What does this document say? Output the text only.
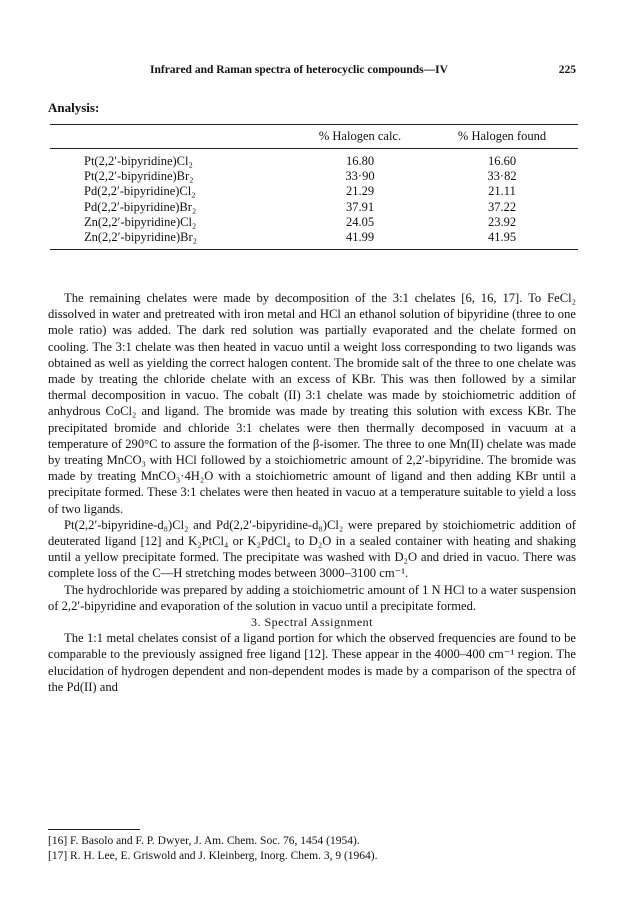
Infrared and Raman spectra of heterocyclic compounds—IV	225
Analysis:
	% Halogen calc.	% Halogen found
Pt(2,2′-bipyridine)Cl₂	16.80	16.60
Pt(2,2′-bipyridine)Br₂	33·90	33·82
Pd(2,2′-bipyridine)Cl₂	21.29	21.11
Pd(2,2′-bipyridine)Br₂	37.91	37.22
Zn(2,2′-bipyridine)Cl₂	24.05	23.92
Zn(2,2′-bipyridine)Br₂	41.99	41.95

The remaining chelates were made by decomposition of the 3:1 chelates [6, 16, 17]. To FeCl₂ dissolved in water and pretreated with iron metal and HCl an ethanol solution of bipyridine (three to one mole ratio) was added. The dark red solution was partially evaporated and the chelate formed on cooling. The 3:1 chelate was then heated in vacuo until a weight loss corresponding to two ligands was obtained as well as yielding the correct halogen content. The bromide salt of the three to one chelate was made by treating the chloride chelate with an excess of KBr. This was then followed by a similar thermal decomposition in vacuo. The cobalt (II) 3:1 chelate was made by stoichiometric addition of anhydrous CoCl₂ and ligand. The bromide was made by treating this solution with excess KBr. The precipitated bromide and chloride 3:1 chelates were then thermally decomposed in vacuum at a temperature of 290°C to assure the formation of the β-isomer. The three to one Mn(II) chelate was made by treating MnCO₃ with HCl followed by a stoichiometric amount of 2,2′-bipyridine. The bromide was made by treating MnCO₃·4H₂O with a stoichiometric amount of ligand and then adding KBr until a precipitate formed. These 3:1 chelates were then heated in vacuo at a temperature suitable to yield a loss of two ligands.

Pt(2,2′-bipyridine-d₈)Cl₂ and Pd(2,2′-bipyridine-d₈)Cl₂ were prepared by stoichiometric addition of deuterated ligand [12] and K₂PtCl₄ or K₂PdCl₄ to D₂O in a sealed container with heating and shaking until a yellow precipitate formed. The precipitate was washed with D₂O and dried in vacuo. There was complete loss of the C—H stretching modes between 3000–3100 cm⁻¹.

The hydrochloride was prepared by adding a stoichiometric amount of 1 N HCl to a water suspension of 2,2′-bipyridine and evaporation of the solution in vacuo until a precipitate formed.

3. Spectral Assignment

The 1:1 metal chelates consist of a ligand portion for which the observed frequencies are found to be comparable to the previously assigned free ligand [12]. These appear in the 4000–400 cm⁻¹ region. The elucidation of hydrogen dependent and non-dependent modes is made by a comparison of the spectra of the Pd(II) and

[16] F. Basolo and F. P. Dwyer, J. Am. Chem. Soc. 76, 1454 (1954).
[17] R. H. Lee, E. Griswold and J. Kleinberg, Inorg. Chem. 3, 9 (1964).
